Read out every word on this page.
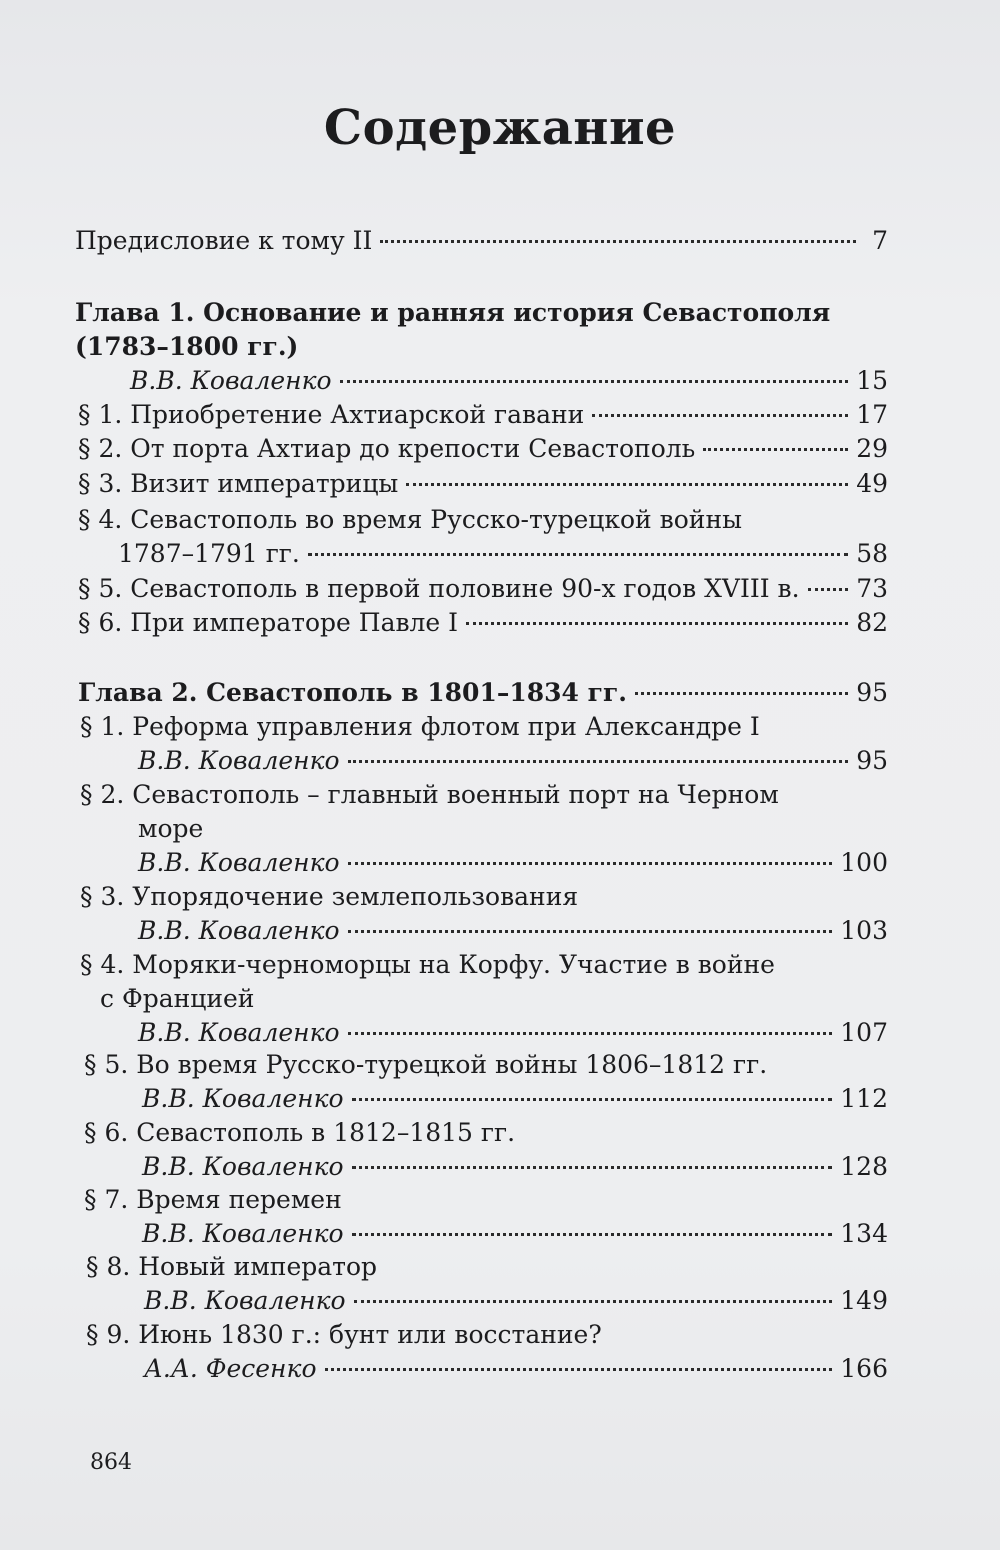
Содержание
Предисловие к тому II	7
Глава 1. Основание и ранняя история Севастополя
(1783–1800 гг.)
В.В. Коваленко	15
§ 1. Приобретение Ахтиарской гавани	17
§ 2. От порта Ахтиар до крепости Севастополь	29
§ 3. Визит императрицы	49
§ 4. Севастополь во время Русско-турецкой войны
1787–1791 гг.	58
§ 5. Севастополь в первой половине 90-х годов XVIII в. 73
§ 6. При императоре Павле I	82
Глава 2. Севастополь в 1801–1834 гг.	95
§ 1. Реформа управления флотом при Александре I
В.В. Коваленко	95
§ 2. Севастополь – главный военный порт на Черном
море
В.В. Коваленко	100
§ 3. Упорядочение землепользования
В.В. Коваленко	103
§ 4. Моряки-черноморцы на Корфу. Участие в войне
с Францией
В.В. Коваленко	107
§ 5. Во время Русско-турецкой войны 1806–1812 гг.
В.В. Коваленко	112
§ 6. Севастополь в 1812–1815 гг.
В.В. Коваленко	128
§ 7. Время перемен
В.В. Коваленко	134
§ 8. Новый император
В.В. Коваленко	149
§ 9. Июнь 1830 г.: бунт или восстание?
А.А. Фесенко	166
864
